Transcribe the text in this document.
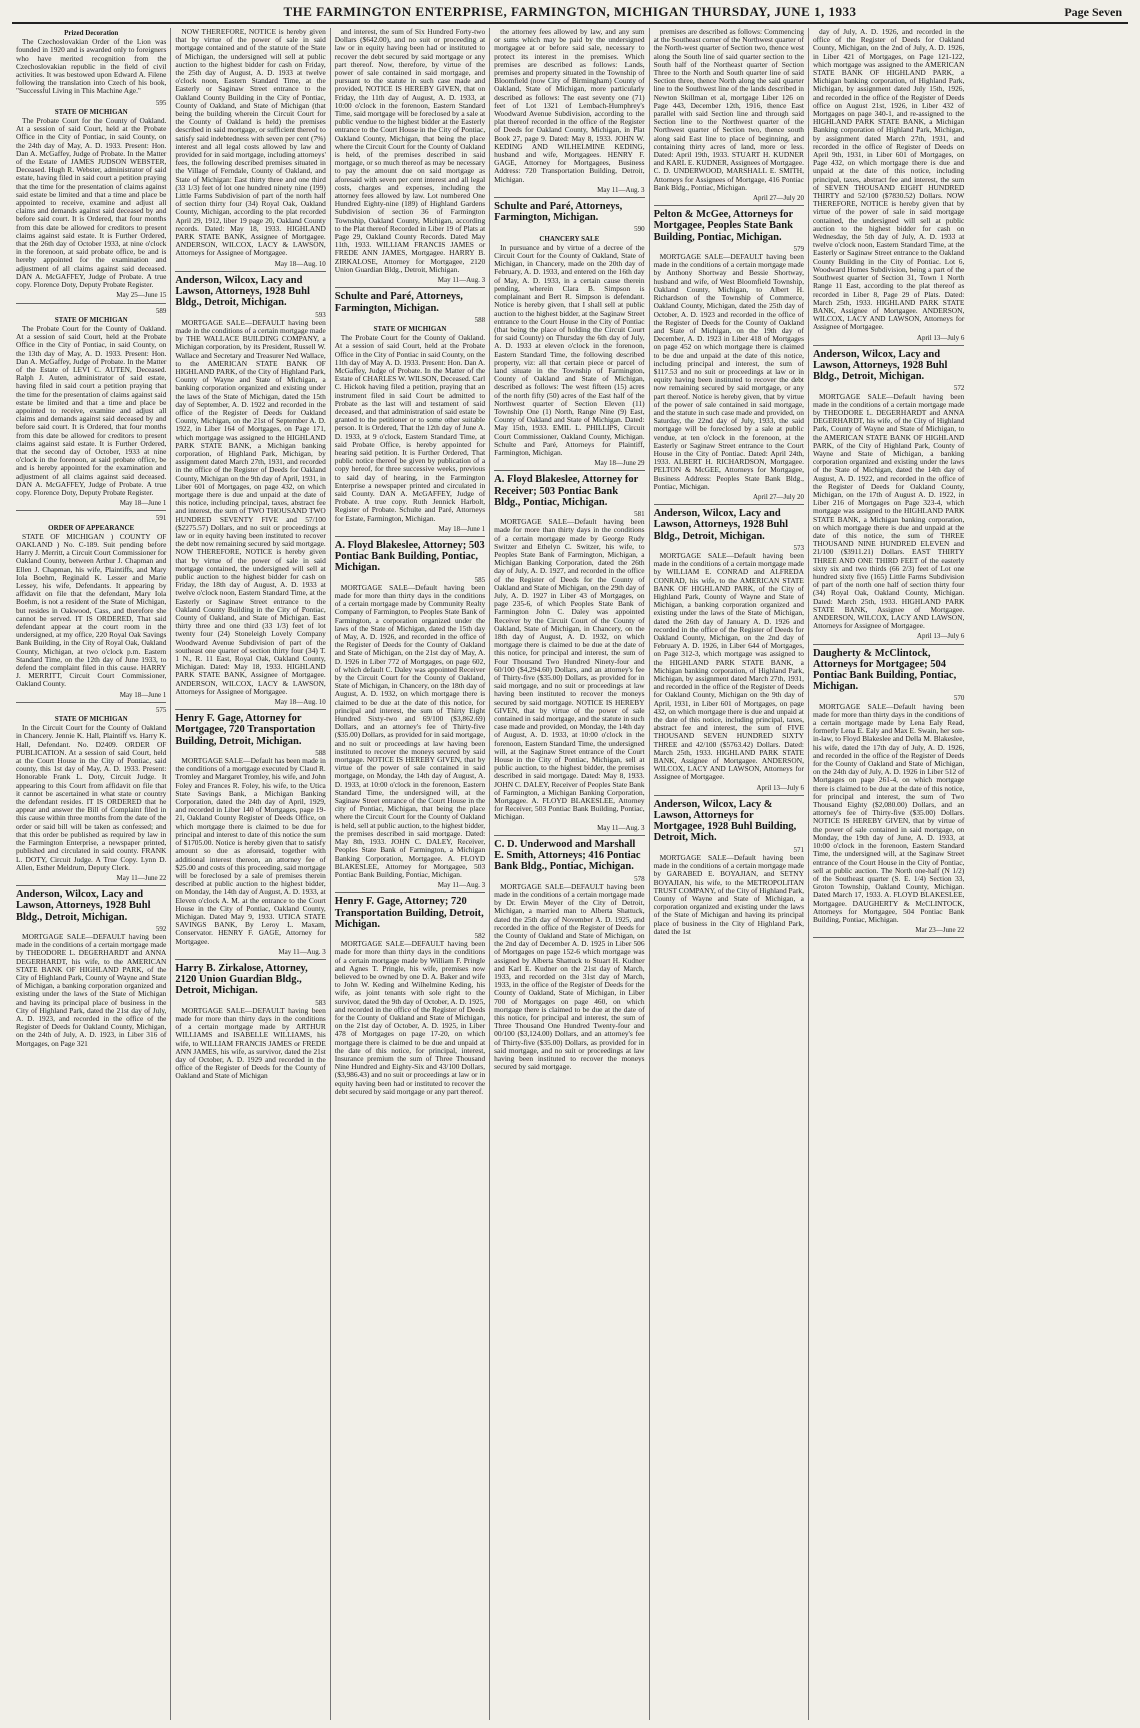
THE FARMINGTON ENTERPRISE, FARMINGTON, MICHIGAN THURSDAY, JUNE 1, 1933	Page Seven
Prized Decoration
The Czechoslovakian Order of the Lion was founded in 1920 and is awarded only to foreigners who have merited recognition from the Czechoslovakian republic in the field of civil activities. It was bestowed upon Edward A. Filene following the translation into Czech of his book, "Successful Living in This Machine Age."
595
STATE OF MICHIGAN
The Probate Court for the County of Oakland. At a session of said Court, held at the Probate Office in the City of Pontiac, in said County, on the 24th day of May, A. D. 1933. Present: Hon. Dan A. McGaffey, Judge of Probate. In the Matter of the Estate of JAMES JUDSON WEBSTER, Deceased. Hugh R. Webster, administrator of said estate, having filed in said court a petition praying that the time for the presentation of claims against said estate be limited and that a time and place be appointed to receive, examine and adjust all claims and demands against said deceased by and before said court. It is Ordered, that four months from this date be allowed for creditors to present claims against said estate. It is Further Ordered, that the 26th day of October 1933, at nine o'clock in the forenoon, at said probate office, be and is hereby appointed for the examination and adjustment of all claims against said deceased. DAN A. McGAFFEY, Judge of Probate. A true copy. Florence Doty, Deputy Probate Register.
May 25—June 15
589
STATE OF MICHIGAN
The Probate Court for the County of Oakland. At a session of said Court, held at the Probate Office in the City of Pontiac, in said County, on the 13th day of May, A. D. 1933. Present: Hon. Dan A. McGaffey, Judge of Probate. In the Matter of the Estate of LEVI C. AUTEN, Deceased. Ralph J. Auten, administrator of said estate, having filed in said court a petition praying that the time for the presentation of claims against said estate be limited and that a time and place be appointed to receive, examine and adjust all claims and demands against said deceased by and before said court. It is Ordered, that four months from this date be allowed for creditors to present claims against said estate. It is Further Ordered, that the second day of October, 1933 at nine o'clock in the forenoon, at said probate office, be and is hereby appointed for the examination and adjustment of all claims against said deceased. DAN A. McGAFFEY, Judge of Probate. A true copy. Florence Doty, Deputy Probate Register.
May 18—June 1
591
ORDER OF APPEARANCE
STATE OF MICHIGAN ) COUNTY OF OAKLAND ) No. C-189. Suit pending before Harry J. Merritt, a Circuit Court Commissioner for Oakland County, between Arthur J. Chapman and Ellen J. Chapman, his wife, Plaintiffs, and Mary Iola Boehm, Reginald K. Lesser and Marie Lessey, his wife, Defendants. It appearing by affidavit on file that the defendant, Mary Iola Boehm, is not a resident of the State of Michigan, but resides in Oakwood, Cass, and therefore she cannot be served. IT IS ORDERED, That said defendant appear at the court room in the undersigned, at my office, 220 Royal Oak Savings Bank Building, in the City of Royal Oak, Oakland County, Michigan, at two o'clock p.m. Eastern Standard Time, on the 12th day of June 1933, to defend the complaint filed in this cause. HARRY J. MERRITT, Circuit Court Commissioner, Oakland County.
May 18—June 1
575
STATE OF MICHIGAN
In the Circuit Court for the County of Oakland in Chancery. Jennie K. Hall, Plaintiff vs. Harry K. Hall, Defendant. No. D2409. ORDER OF PUBLICATION. At a session of said Court, held at the Court House in the City of Pontiac, said county, this 1st day of May, A. D. 1933. Present: Honorable Frank L. Doty, Circuit Judge. It appearing to this Court from affidavit on file that it cannot be ascertained in what state or country the defendant resides. IT IS ORDERED that he appear and answer the Bill of Complaint filed in this cause within three months from the date of the order or said bill will be taken as confessed; and that this order be published as required by law in the Farmington Enterprise, a newspaper printed, published and circulated in said county. FRANK L. DOTY, Circuit Judge. A True Copy. Lynn D. Allen, Esther Meldrum, Deputy Clerk.
May 11—June 22
Anderson, Wilcox, Lacy and Lawson, Attorneys, 1928 Buhl Bldg., Detroit, Michigan.
592
MORTGAGE SALE—DEFAULT having been made in the conditions of a certain mortgage made by THEODORE L. DEGERHARDT and ANNA DEGERHARDT, his wife, to the AMERICAN STATE BANK OF HIGHLAND PARK, of the City of Highland Park, County of Wayne and State of Michigan, a banking corporation organized and existing under the laws of the State of Michigan and having its principal place of business in the City of Highland Park, dated the 21st day of July, A. D. 1923, and recorded in the office of the Register of Deeds for Oakland County, Michigan, on the 24th of July, A. D. 1923, in Liber 316 of Mortgages, on Page 321
NOW THEREFORE, NOTICE is hereby given that by virtue of the power of sale in said mortgage contained and of the statute of the State of Michigan, the undersigned will sell at public auction to the highest bidder for cash on Friday, the 25th day of August, A. D. 1933 at twelve o'clock noon, Eastern Standard Time, at the Easterly or Saginaw Street entrance to the Oakland County Building in the City of Pontiac, County of Oakland, and State of Michigan (that being the building wherein the Circuit Court for the County of Oakland is held) the premises described in said mortgage, or sufficient thereof to satisfy said indebtedness with seven per cent (7%) interest and all legal costs allowed by law and provided for in said mortgage, including attorneys' fees, the following described premises situated in the Village of Ferndale, County of Oakland, and State of Michigan: East thirty three and one third (33 1/3) feet of lot one hundred ninety nine (199) Little Farms Subdivision of part of the north half of section thirty four (34) Royal Oak, Oakland County, Michigan, according to the plat recorded April 29, 1912, liber 19 page 20, Oakland County records. Dated: May 18, 1933. HIGHLAND PARK STATE BANK, Assignee of Mortgagee. ANDERSON, WILCOX, LACY & LAWSON, Attorneys for Assignee of Mortgagee.
May 18—Aug. 10
Anderson, Wilcox, Lacy and Lawson, Attorneys, 1928 Buhl Bldg., Detroit, Michigan.
593
MORTGAGE SALE—DEFAULT having been made in the conditions of a certain mortgage made by THE WALLACE BUILDING COMPANY, a Michigan corporation, by its President, Russell W. Wallace and Secretary and Treasurer Ned Wallace, to the AMERICAN STATE BANK OF HIGHLAND PARK, of the City of Highland Park, County of Wayne and State of Michigan, a banking corporation organized and existing under the laws of the State of Michigan, dated the 15th day of September, A. D. 1922 and recorded in the office of the Register of Deeds for Oakland County, Michigan, on the 21st of September A. D. 1922, in Liber 164 of Mortgages, on Page 171, which mortgage was assigned to the HIGHLAND PARK STATE BANK, a Michigan banking corporation, of Highland Park, Michigan, by assignment dated March 27th, 1931, and recorded in the office of the Register of Deeds for Oakland County, Michigan on the 9th day of April, 1931, in Liber 601 of Mortgages, on page 432, on which mortgage there is due and unpaid at the date of this notice, including principal, taxes, abstract fee and interest, the sum of TWO THOUSAND TWO HUNDRED SEVENTY FIVE and 57/100 ($2275.57) Dollars, and no suit or proceedings at law or in equity having been instituted to recover the debt now remaining secured by said mortgage. NOW THEREFORE, NOTICE is hereby given that by virtue of the power of sale in said mortgage contained, the undersigned will sell at public auction to the highest bidder for cash on Friday, the 18th day of August, A. D. 1933 at twelve o'clock noon, Eastern Standard Time, at the Easterly or Saginaw Street entrance to the Oakland County Building in the City of Pontiac, County of Oakland, and State of Michigan. East thirty three and one third (33 1/3) feet of lot twenty four (24) Stoneleigh Lovely Company Woodward Avenue Subdivision of part of the southeast one quarter of section thirty four (34) T. 1 N., R. 11 East, Royal Oak, Oakland County, Michigan. Dated: May 18, 1933. HIGHLAND PARK STATE BANK, Assignee of Mortgagee. ANDERSON, WILCOX, LACY & LAWSON, Attorneys for Assignee of Mortgagee.
May 18—Aug. 10
Henry F. Gage, Attorney for Mortgagee, 720 Transportation Building, Detroit, Michigan.
588
MORTGAGE SALE—Default has been made in the conditions of a mortgage executed by Claud R. Tromley and Margaret Tromley, his wife, and John Foley and Frances R. Foley, his wife, to the Utica State Savings Bank, a Michigan Banking Corporation, dated the 24th day of April, 1929, and recorded in Liber 140 of Mortgages, page 19-21, Oakland County Register of Deeds Office, on which mortgage there is claimed to be due for principal and interest to date of this notice the sum of $1705.00. Notice is hereby given that to satisfy amount so due as aforesaid, together with additional interest thereon, an attorney fee of $25.00 and costs of this proceeding, said mortgage will be foreclosed by a sale of premises therein described at public auction to the highest bidder, on Monday, the 14th day of August, A. D. 1933, at Eleven o'clock A. M. at the entrance to the Court House in the City of Pontiac, Oakland County, Michigan. Dated May 9, 1933. UTICA STATE SAVINGS BANK, By Leroy L. Maxam, Conservator. HENRY F. GAGE, Attorney for Mortgagee.
May 11—Aug. 3
Harry B. Zirkalose, Attorney, 2120 Union Guardian Bldg., Detroit, Michigan.
583
MORTGAGE SALE—DEFAULT having been made for more than thirty days in the conditions of a certain mortgage made by ARTHUR WILLIAMS and ISABELLE WILLIAMS, his wife, to WILLIAM FRANCIS JAMES or FREDE ANN JAMES, his wife, as survivor, dated the 21st day of October, A. D. 1929 and recorded in the office of the Register of Deeds for the County of Oakland and State of Michigan
and interest, the sum of Six Hundred Forty-two Dollars ($642.00), and no suit or proceeding at law or in equity having been had or instituted to recover the debt secured by said mortgage or any part thereof. Now, therefore, by virtue of the power of sale contained in said mortgage, and pursuant to the statute in such case made and provided, NOTICE IS HEREBY GIVEN, that on Friday, the 11th day of August, A. D. 1933, at 10:00 o'clock in the forenoon, Eastern Standard Time, said mortgage will be foreclosed by a sale at public vendue to the highest bidder at the Easterly entrance to the Court House in the City of Pontiac, Oakland County, Michigan, that being the place where the Circuit Court for the County of Oakland is held, of the premises described in said mortgage, or so much thereof as may be necessary to pay the amount due on said mortgage as aforesaid with seven per cent interest and all legal costs, charges and expenses, including the attorney fees allowed by law. Lot numbered One Hundred Eighty-nine (189) of Highland Gardens Subdivision of section 36 of Farmington Township, Oakland County, Michigan, according to the Plat thereof Recorded in Liber 19 of Plats at Page 29, Oakland County Records. Dated May 11th, 1933. WILLIAM FRANCIS JAMES or FREDE ANN JAMES, Mortgagee. HARRY B. ZIRKALOSE, Attorney for Mortgagee, 2120 Union Guardian Bldg., Detroit, Michigan.
May 11—Aug. 3
Schulte and Paré, Attorneys, Farmington, Michigan.
588
STATE OF MICHIGAN
The Probate Court for the County of Oakland. At a session of said Court, held at the Probate Office in the City of Pontiac in said County, on the 11th day of May A. D. 1933. Present: Hon. Dan A. McGaffey, Judge of Probate. In the Matter of the Estate of CHARLES W. WILSON, Deceased. Carl C. Hickok having filed a petition, praying that an instrument filed in said Court be admitted to Probate as the last will and testament of said deceased, and that administration of said estate be granted to the petitioner or to some other suitable person. It is Ordered, That the 12th day of June A. D. 1933, at 9 o'clock, Eastern Standard Time, at said Probate Office, is hereby appointed for hearing said petition. It is Further Ordered, That public notice thereof be given by publication of a copy hereof, for three successive weeks, previous to said day of hearing, in the Farmington Enterprise a newspaper printed and circulated in said County. DAN A. McGAFFEY, Judge of Probate. A true copy. Ruth Jennick Harbolt, Register of Probate. Schulte and Paré, Attorneys for Estate, Farmington, Michigan.
May 18—June 1
A. Floyd Blakeslee, Attorney; 503 Pontiac Bank Building, Pontiac, Michigan.
585
MORTGAGE SALE—Default having been made for more than thirty days in the conditions of a certain mortgage made by Community Realty Company of Farmington, to Peoples State Bank of Farmington, a corporation organized under the laws of the State of Michigan, dated the 15th day of May, A. D. 1926, and recorded in the office of the Register of Deeds for the County of Oakland and State of Michigan, on the 21st day of May, A. D. 1926 in Liber 772 of Mortgages, on page 602, of which default C. Daley was appointed Receiver by the Circuit Court for the County of Oakland, State of Michigan, in Chancery, on the 18th day of August, A. D. 1932, on which mortgage there is claimed to be due at the date of this notice, for principal and interest, the sum of Thirty Eight Hundred Sixty-two and 69/100 ($3,862.69) Dollars, and an attorney's fee of Thirty-five ($35.00) Dollars, as provided for in said mortgage, and no suit or proceedings at law having been instituted to recover the moneys secured by said mortgage. NOTICE IS HEREBY GIVEN, that by virtue of the power of sale contained in said mortgage, on Monday, the 14th day of August, A. D. 1933, at 10:00 o'clock in the forenoon, Eastern Standard Time, the undersigned will, at the Saginaw Street entrance of the Court House in the city of Pontiac, Michigan, that being the place where the Circuit Court for the County of Oakland is held, sell at public auction, to the highest bidder, the premises described in said mortgage. Dated: May 8th, 1933. JOHN C. DALEY, Receiver, Peoples State Bank of Farmington, a Michigan Banking Corporation, Mortgagee. A. FLOYD BLAKESLEE, Attorney for Mortgagee, 503 Pontiac Bank Building, Pontiac, Michigan.
May 11—Aug. 3
Henry F. Gage, Attorney; 720 Transportation Building, Detroit, Michigan.
582
MORTGAGE SALE—DEFAULT having been made for more than thirty days in the conditions of a certain mortgage made by William F. Pringle and Agnes T. Pringle, his wife, premises now believed to be owned by one D. A. Baker and wife to John W. Keding and Wilhelmine Keding, his wife, as joint tenants with sole right to the survivor, dated the 9th day of October, A. D. 1925, and recorded in the office of the Register of Deeds for the County of Oakland and State of Michigan, on the 21st day of October, A. D. 1925, in Liber 478 of Mortgages on page 17-20, on which mortgage there is claimed to be due and unpaid at the date of this notice, for principal, interest, Insurance premium the sum of Three Thousand Nine Hundred and Eighty-Six and 43/100 Dollars, ($3,986.43) and no suit or proceedings at law or in equity having been had or instituted to recover the debt secured by said mortgage or any part thereof.
the attorney fees allowed by law, and any sum or sums which may be paid by the undersigned mortgagee at or before said sale, necessary to protect its interest in the premises. Which premises are described as follows: Lands, premises and property situated in the Township of Bloomfield (now City of Birmingham) County of Oakland, State of Michigan, more particularly described as follows: The east seventy one (71) feet of Lot 1321 of Lembach-Humphrey's Woodward Avenue Subdivision, according to the plat thereof recorded in the office of the Register of Deeds for Oakland County, Michigan, in Plat Book 27, page 9. Dated: May 8, 1933. JOHN W. KEDING AND WILHELMINE KEDING, husband and wife, Mortgagees. HENRY F. GAGE, Attorney for Mortgagees, Business Address: 720 Transportation Building, Detroit, Michigan.
May 11—Aug. 3
Schulte and Paré, Attorneys, Farmington, Michigan.
590
CHANCERY SALE
In pursuance and by virtue of a decree of the Circuit Court for the County of Oakland, State of Michigan, in Chancery, made on the 20th day of February, A. D. 1933, and entered on the 16th day of May, A. D. 1933, in a certain cause therein pending, wherein Clara B. Simpson is complainant and Bert R. Simpson is defendant. Notice is hereby given, that I shall sell at public auction to the highest bidder, at the Saginaw Street entrance to the Court House in the City of Pontiac (that being the place of holding the Circuit Court for said County) on Thursday the 6th day of July, A. D. 1933 at eleven o'clock in the forenoon, Eastern Standard Time, the following described property, viz: all that certain piece or parcel of land situate in the Township of Farmington, County of Oakland and State of Michigan, described as follows: The west fifteen (15) acres of the north fifty (50) acres of the East half of the Northwest quarter of Section Eleven (11) Township One (1) North, Range Nine (9) East, County of Oakland and State of Michigan. Dated: May 15th, 1933. EMIL L. PHILLIPS, Circuit Court Commissioner, Oakland County, Michigan. Schulte and Paré, Attorneys for Plaintiff, Farmington, Michigan.
May 18—June 29
A. Floyd Blakeslee, Attorney for Receiver; 503 Pontiac Bank Bldg., Pontiac, Michigan.
581
MORTGAGE SALE—Default having been made for more than thirty days in the conditions of a certain mortgage made by George Rudy Switzer and Ethelyn C. Switzer, his wife, to Peoples State Bank of Farmington, Michigan, a Michigan Banking Corporation, dated the 26th day of July, A. D. 1927, and recorded in the office of the Register of Deeds for the County of Oakland and State of Michigan, on the 29th day of July, A. D. 1927 in Liber 43 of Mortgages, on page 235-6, of which Peoples State Bank of Farmington John C. Daley was appointed Receiver by the Circuit Court of the County of Oakland, State of Michigan, in Chancery, on the 18th day of August, A. D. 1932, on which mortgage there is claimed to be due at the date of this notice, for principal and interest, the sum of Four Thousand Two Hundred Ninety-four and 60/100 ($4,294.60) Dollars, and an attorney's fee of Thirty-five ($35.00) Dollars, as provided for in said mortgage, and no suit or proceedings at law having been instituted to recover the moneys secured by said mortgage. NOTICE IS HEREBY GIVEN, that by virtue of the power of sale contained in said mortgage, and the statute in such case made and provided, on Monday, the 14th day of August, A. D. 1933, at 10:00 o'clock in the forenoon, Eastern Standard Time, the undersigned will, at the Saginaw Street entrance of the Court House in the City of Pontiac, Michigan, sell at public auction, to the highest bidder, the premises described in said mortgage. Dated: May 8, 1933. JOHN C. DALEY, Receiver of Peoples State Bank of Farmington, a Michigan Banking Corporation, Mortgagee. A. FLOYD BLAKESLEE, Attorney for Receiver, 503 Pontiac Bank Building, Pontiac, Michigan.
May 11—Aug. 3
C. D. Underwood and Marshall E. Smith, Attorneys; 416 Pontiac Bank Bldg., Pontiac, Michigan.
578
MORTGAGE SALE—DEFAULT having been made in the conditions of a certain mortgage made by Dr. Erwin Meyer of the City of Detroit, Michigan, a married man to Alberta Shattuck, dated the 25th day of November A. D. 1925, and recorded in the office of the Register of Deeds for the County of Oakland and State of Michigan, on the 2nd day of December A. D. 1925 in Liber 506 of Mortgages on page 152-6 which mortgage was assigned by Alberta Shattuck to Stuart H. Kudner and Karl E. Kudner on the 21st day of March, 1933, and recorded on the 31st day of March, 1933, in the office of the Register of Deeds for the County of Oakland, State of Michigan, in Liber 700 of Mortgages on page 460, on which mortgage there is claimed to be due at the date of this notice, for principal and interest, the sum of Three Thousand One Hundred Twenty-four and 00/100 ($3,124.00) Dollars, and an attorney's fee of Thirty-five ($35.00) Dollars, as provided for in said mortgage, and no suit or proceedings at law having been instituted to recover the moneys secured by said mortgage.
premises are described as follows: Commencing at the Southeast corner of the Northwest quarter of the North-west quarter of Section two, thence west along the South line of said quarter section to the South half of the Northeast quarter of Section Three to the North and South quarter line of said Section three, thence North along the said quarter line to the Southwest line of the lands described in Newton Skillman et al, mortgage Liber 126 on Page 443, December 12th, 1916, thence East parallel with said Section line and through said Section line to the Northwest quarter of the Northwest quarter of Section two, thence south along said East line to place of beginning, and containing thirty acres of land, more or less. Dated: April 19th, 1933. STUART H. KUDNER and KARL E. KUDNER, Assignees of Mortgagee. C. D. UNDERWOOD, MARSHALL E. SMITH, Attorneys for Assignees of Mortgage, 416 Pontiac Bank Bldg., Pontiac, Michigan.
April 27—July 20
Pelton & McGee, Attorneys for Mortgagee, Peoples State Bank Building, Pontiac, Michigan.
579
MORTGAGE SALE—DEFAULT having been made in the conditions of a certain mortgage made by Anthony Shortway and Bessie Shortway, husband and wife, of West Bloomfield Township, Oakland County, Michigan, to Albert H. Richardson of the Township of Commerce, Oakland County, Michigan, dated the 25th day of October, A. D. 1923 and recorded in the office of the Register of Deeds for the County of Oakland and State of Michigan, on the 19th day of December, A. D. 1923 in Liber 418 of Mortgages on page 452 on which mortgage there is claimed to be due and unpaid at the date of this notice, including principal and interest, the sum of $117.53 and no suit or proceedings at law or in equity having been instituted to recover the debt now remaining secured by said mortgage, or any part thereof. Notice is hereby given, that by virtue of the power of sale contained in said mortgage, and the statute in such case made and provided, on Saturday, the 22nd day of July, 1933, the said mortgage will be foreclosed by a sale at public vendue, at ten o'clock in the forenoon, at the Easterly or Saginaw Street entrance to the Court House in the City of Pontiac. Dated: April 24th, 1933. ALBERT H. RICHARDSON, Mortgagee. PELTON & McGEE, Attorneys for Mortgagee, Business Address: Peoples State Bank Bldg., Pontiac, Michigan.
April 27—July 20
Anderson, Wilcox, Lacy and Lawson, Attorneys, 1928 Buhl Bldg., Detroit, Michigan.
573
MORTGAGE SALE—Default having been made in the conditions of a certain mortgage made by WILLIAM E. CONRAD and ALFREDA CONRAD, his wife, to the AMERICAN STATE BANK OF HIGHLAND PARK, of the City of Highland Park, County of Wayne and State of Michigan, a banking corporation organized and existing under the laws of the State of Michigan, dated the 26th day of January A. D. 1926 and recorded in the office of the Register of Deeds for Oakland County, Michigan, on the 2nd day of February A. D. 1926, in Liber 644 of Mortgages, on Page 312-3, which mortgage was assigned to the HIGHLAND PARK STATE BANK, a Michigan banking corporation, of Highland Park, Michigan, by assignment dated March 27th, 1931, and recorded in the office of the Register of Deeds for Oakland County, Michigan on the 9th day of April, 1931, in Liber 601 of Mortgages, on page 432, on which mortgage there is due and unpaid at the date of this notice, including principal, taxes, abstract fee and interest, the sum of FIVE THOUSAND SEVEN HUNDRED SIXTY THREE and 42/100 ($5763.42) Dollars. Dated: March 25th, 1933. HIGHLAND PARK STATE BANK, Assignee of Mortgagee. ANDERSON, WILCOX, LACY AND LAWSON, Attorneys for Assignee of Mortgagee.
April 13—July 6
Anderson, Wilcox, Lacy & Lawson, Attorneys for Mortgagee, 1928 Buhl Building, Detroit, Mich.
571
MORTGAGE SALE—Default having been made in the conditions of a certain mortgage made by GARABED E. BOYAJIAN, and SETNY BOYAJIAN, his wife, to the METROPOLITAN TRUST COMPANY, of the City of Highland Park, County of Wayne and State of Michigan, a corporation organized and existing under the laws of the State of Michigan and having its principal place of business in the City of Highland Park, dated the 1st
day of July, A. D. 1926, and recorded in the office of the Register of Deeds for Oakland County, Michigan, on the 2nd of July, A. D. 1926, in Liber 421 of Mortgages, on Page 121-122, which mortgage was assigned to the AMERICAN STATE BANK OF HIGHLAND PARK, a Michigan banking corporation, of Highland Park, Michigan, by assignment dated July 15th, 1926, and recorded in the office of the Register of Deeds office on August 21st, 1926, in Liber 432 of Mortgages on page 340-1, and re-assigned to the HIGHLAND PARK STATE BANK, a Michigan Banking corporation of Highland Park, Michigan, by assignment dated March 27th, 1931, and recorded in the office of Register of Deeds on April 9th, 1931, in Liber 601 of Mortgages, on Page 432, on which mortgage there is due and unpaid at the date of this notice, including principal, taxes, abstract fee and interest, the sum of SEVEN THOUSAND EIGHT HUNDRED THIRTY and 52/100 ($7830.52) Dollars. NOW THEREFORE, NOTICE is hereby given that by virtue of the power of sale in said mortgage contained, the undersigned will sell at public auction to the highest bidder for cash on Wednesday, the 5th day of July, A. D. 1933 at twelve o'clock noon, Eastern Standard Time, at the Easterly or Saginaw Street entrance to the Oakland County Building in the City of Pontiac. Lot 6, Woodward Homes Subdivision, being a part of the Southwest quarter of Section 31, Town 1 North Range 11 East, according to the plat thereof as recorded in Liber 8, Page 29 of Plats. Dated: March 25th, 1933. HIGHLAND PARK STATE BANK, Assignee of Mortgagee. ANDERSON, WILCOX, LACY AND LAWSON, Attorneys for Assignee of Mortgagee.
April 13—July 6
Anderson, Wilcox, Lacy and Lawson, Attorneys, 1928 Buhl Bldg., Detroit, Michigan.
572
MORTGAGE SALE—Default having been made in the conditions of a certain mortgage made by THEODORE L. DEGERHARDT and ANNA DEGERHARDT, his wife, of the City of Highland Park, County of Wayne and State of Michigan, to the AMERICAN STATE BANK OF HIGHLAND PARK, of the City of Highland Park, County of Wayne and State of Michigan, a banking corporation organized and existing under the laws of the State of Michigan, dated the 14th day of August, A. D. 1922, and recorded in the office of the Register of Deeds for Oakland County, Michigan, on the 17th of August A. D. 1922, in Liber 216 of Mortgages on Page 323-4, which mortgage was assigned to the HIGHLAND PARK STATE BANK, a Michigan banking corporation, on which mortgage there is due and unpaid at the date of this notice, the sum of THREE THOUSAND NINE HUNDRED ELEVEN and 21/100 ($3911.21) Dollars. EAST THIRTY THREE AND ONE THIRD FEET of the easterly sixty six and two thirds (66 2/3) feet of Lot one hundred sixty five (165) Little Farms Subdivision of part of the north one half of section thirty four (34) Royal Oak, Oakland County, Michigan. Dated: March 25th, 1933. HIGHLAND PARK STATE BANK, Assignee of Mortgagee. ANDERSON, WILCOX, LACY AND LAWSON, Attorneys for Assignee of Mortgagee.
April 13—July 6
Daugherty & McClintock, Attorneys for Mortgagee; 504 Pontiac Bank Building, Pontiac, Michigan.
570
MORTGAGE SALE—Default having been made for more than thirty days in the conditions of a certain mortgage made by Lena Ealy Read, formerly Lena E. Ealy and Max E. Swain, her son-in-law, to Floyd Blakeslee and Della M. Blakeslee, his wife, dated the 17th day of July, A. D. 1926, and recorded in the office of the Register of Deeds for the County of Oakland and State of Michigan, on the 24th day of July, A. D. 1926 in Liber 512 of Mortgages on page 261-4, on which mortgage there is claimed to be due at the date of this notice, for principal and interest, the sum of Two Thousand Eighty ($2,080.00) Dollars, and an attorney's fee of Thirty-five ($35.00) Dollars. NOTICE IS HEREBY GIVEN, that by virtue of the power of sale contained in said mortgage, on Monday, the 19th day of June, A. D. 1933, at 10:00 o'clock in the forenoon, Eastern Standard Time, the undersigned will, at the Saginaw Street entrance of the Court House in the City of Pontiac, sell at public auction. The North one-half (N 1/2) of the Southeast quarter (S. E. 1/4) Section 33, Groton Township, Oakland County, Michigan. Dated March 17, 1933. A. FLOYD BLAKESLEE, Mortgagee. DAUGHERTY & McCLINTOCK, Attorneys for Mortgagee, 504 Pontiac Bank Building, Pontiac, Michigan.
Mar 23—June 22
